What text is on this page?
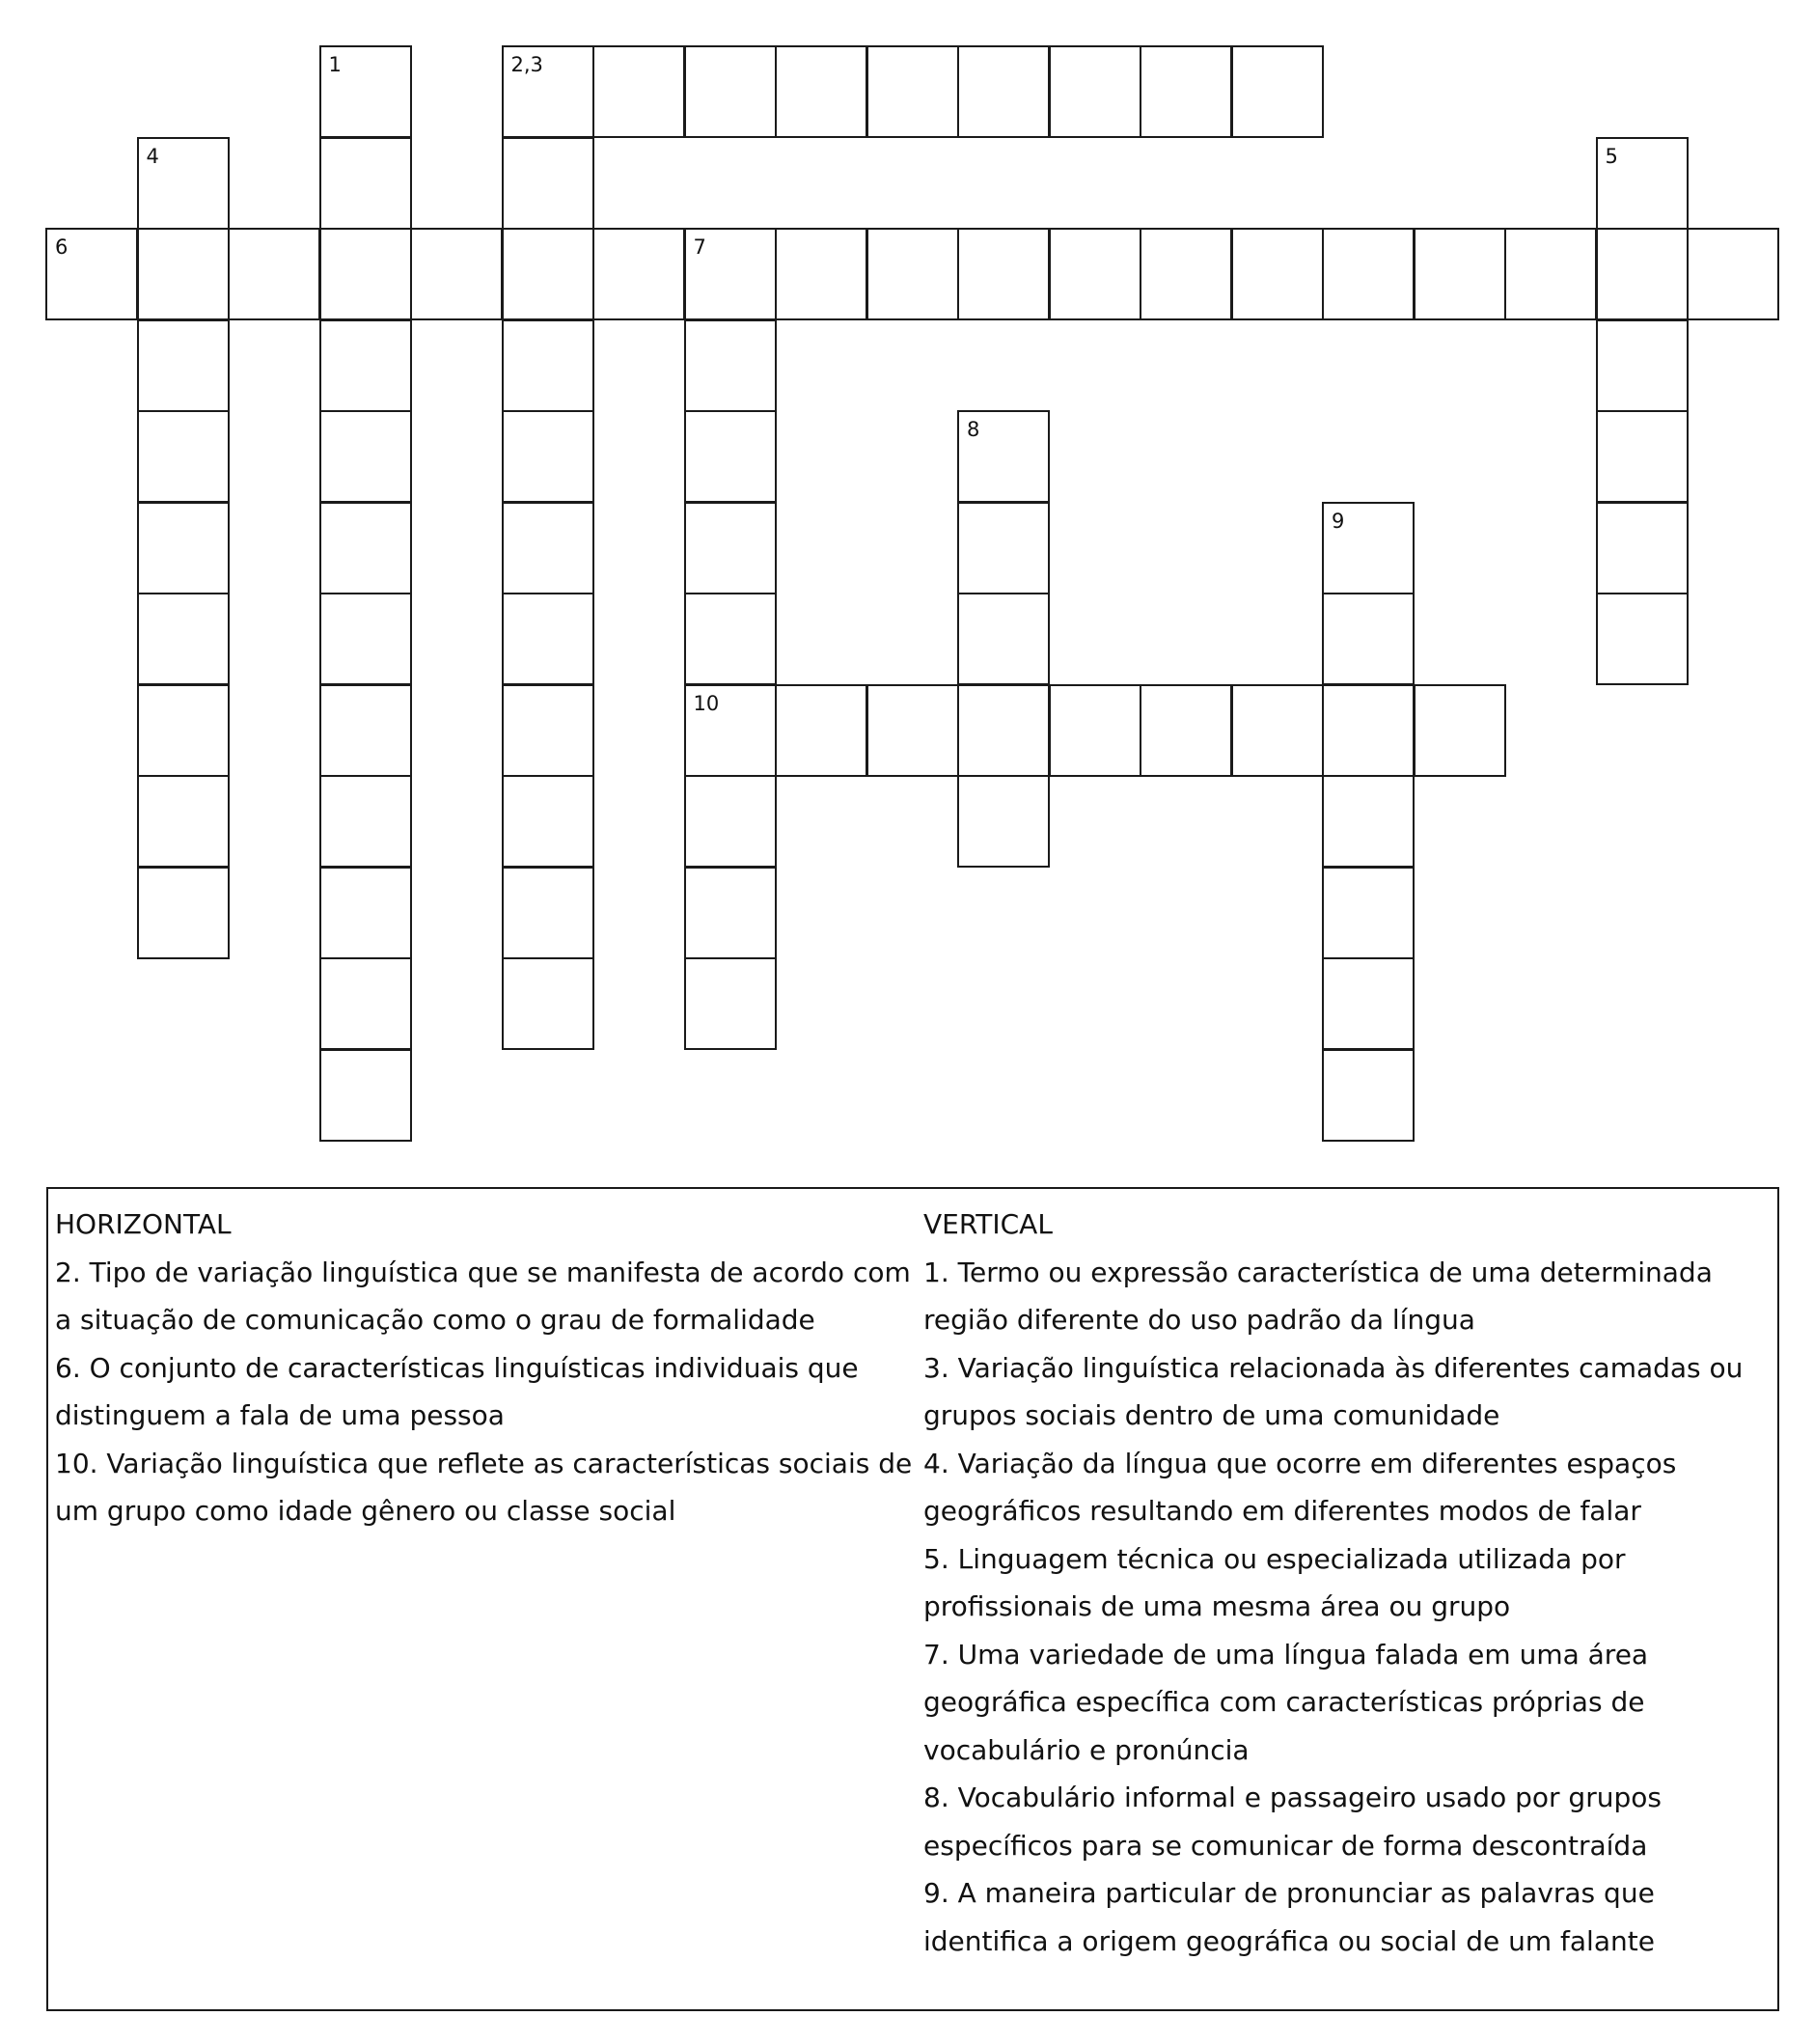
2,3
6	7
10
1
4	5
8
9
HORIZONTAL
2. Tipo de variação linguística que se manifesta de acordo com a situação de comunicação como o grau de formalidade
6. O conjunto de características linguísticas individuais que distinguem a fala de uma pessoa
10. Variação linguística que reflete as características sociais de um grupo como idade gênero ou classe social
VERTICAL
1. Termo ou expressão característica de uma determinada região diferente do uso padrão da língua
3. Variação linguística relacionada às diferentes camadas ou grupos sociais dentro de uma comunidade
4. Variação da língua que ocorre em diferentes espaços geográficos resultando em diferentes modos de falar
5. Linguagem técnica ou especializada utilizada por profissionais de uma mesma área ou grupo
7. Uma variedade de uma língua falada em uma área geográfica específica com características próprias de vocabulário e pronúncia
8. Vocabulário informal e passageiro usado por grupos específicos para se comunicar de forma descontraída
9. A maneira particular de pronunciar as palavras que identifica a origem geográfica ou social de um falante
